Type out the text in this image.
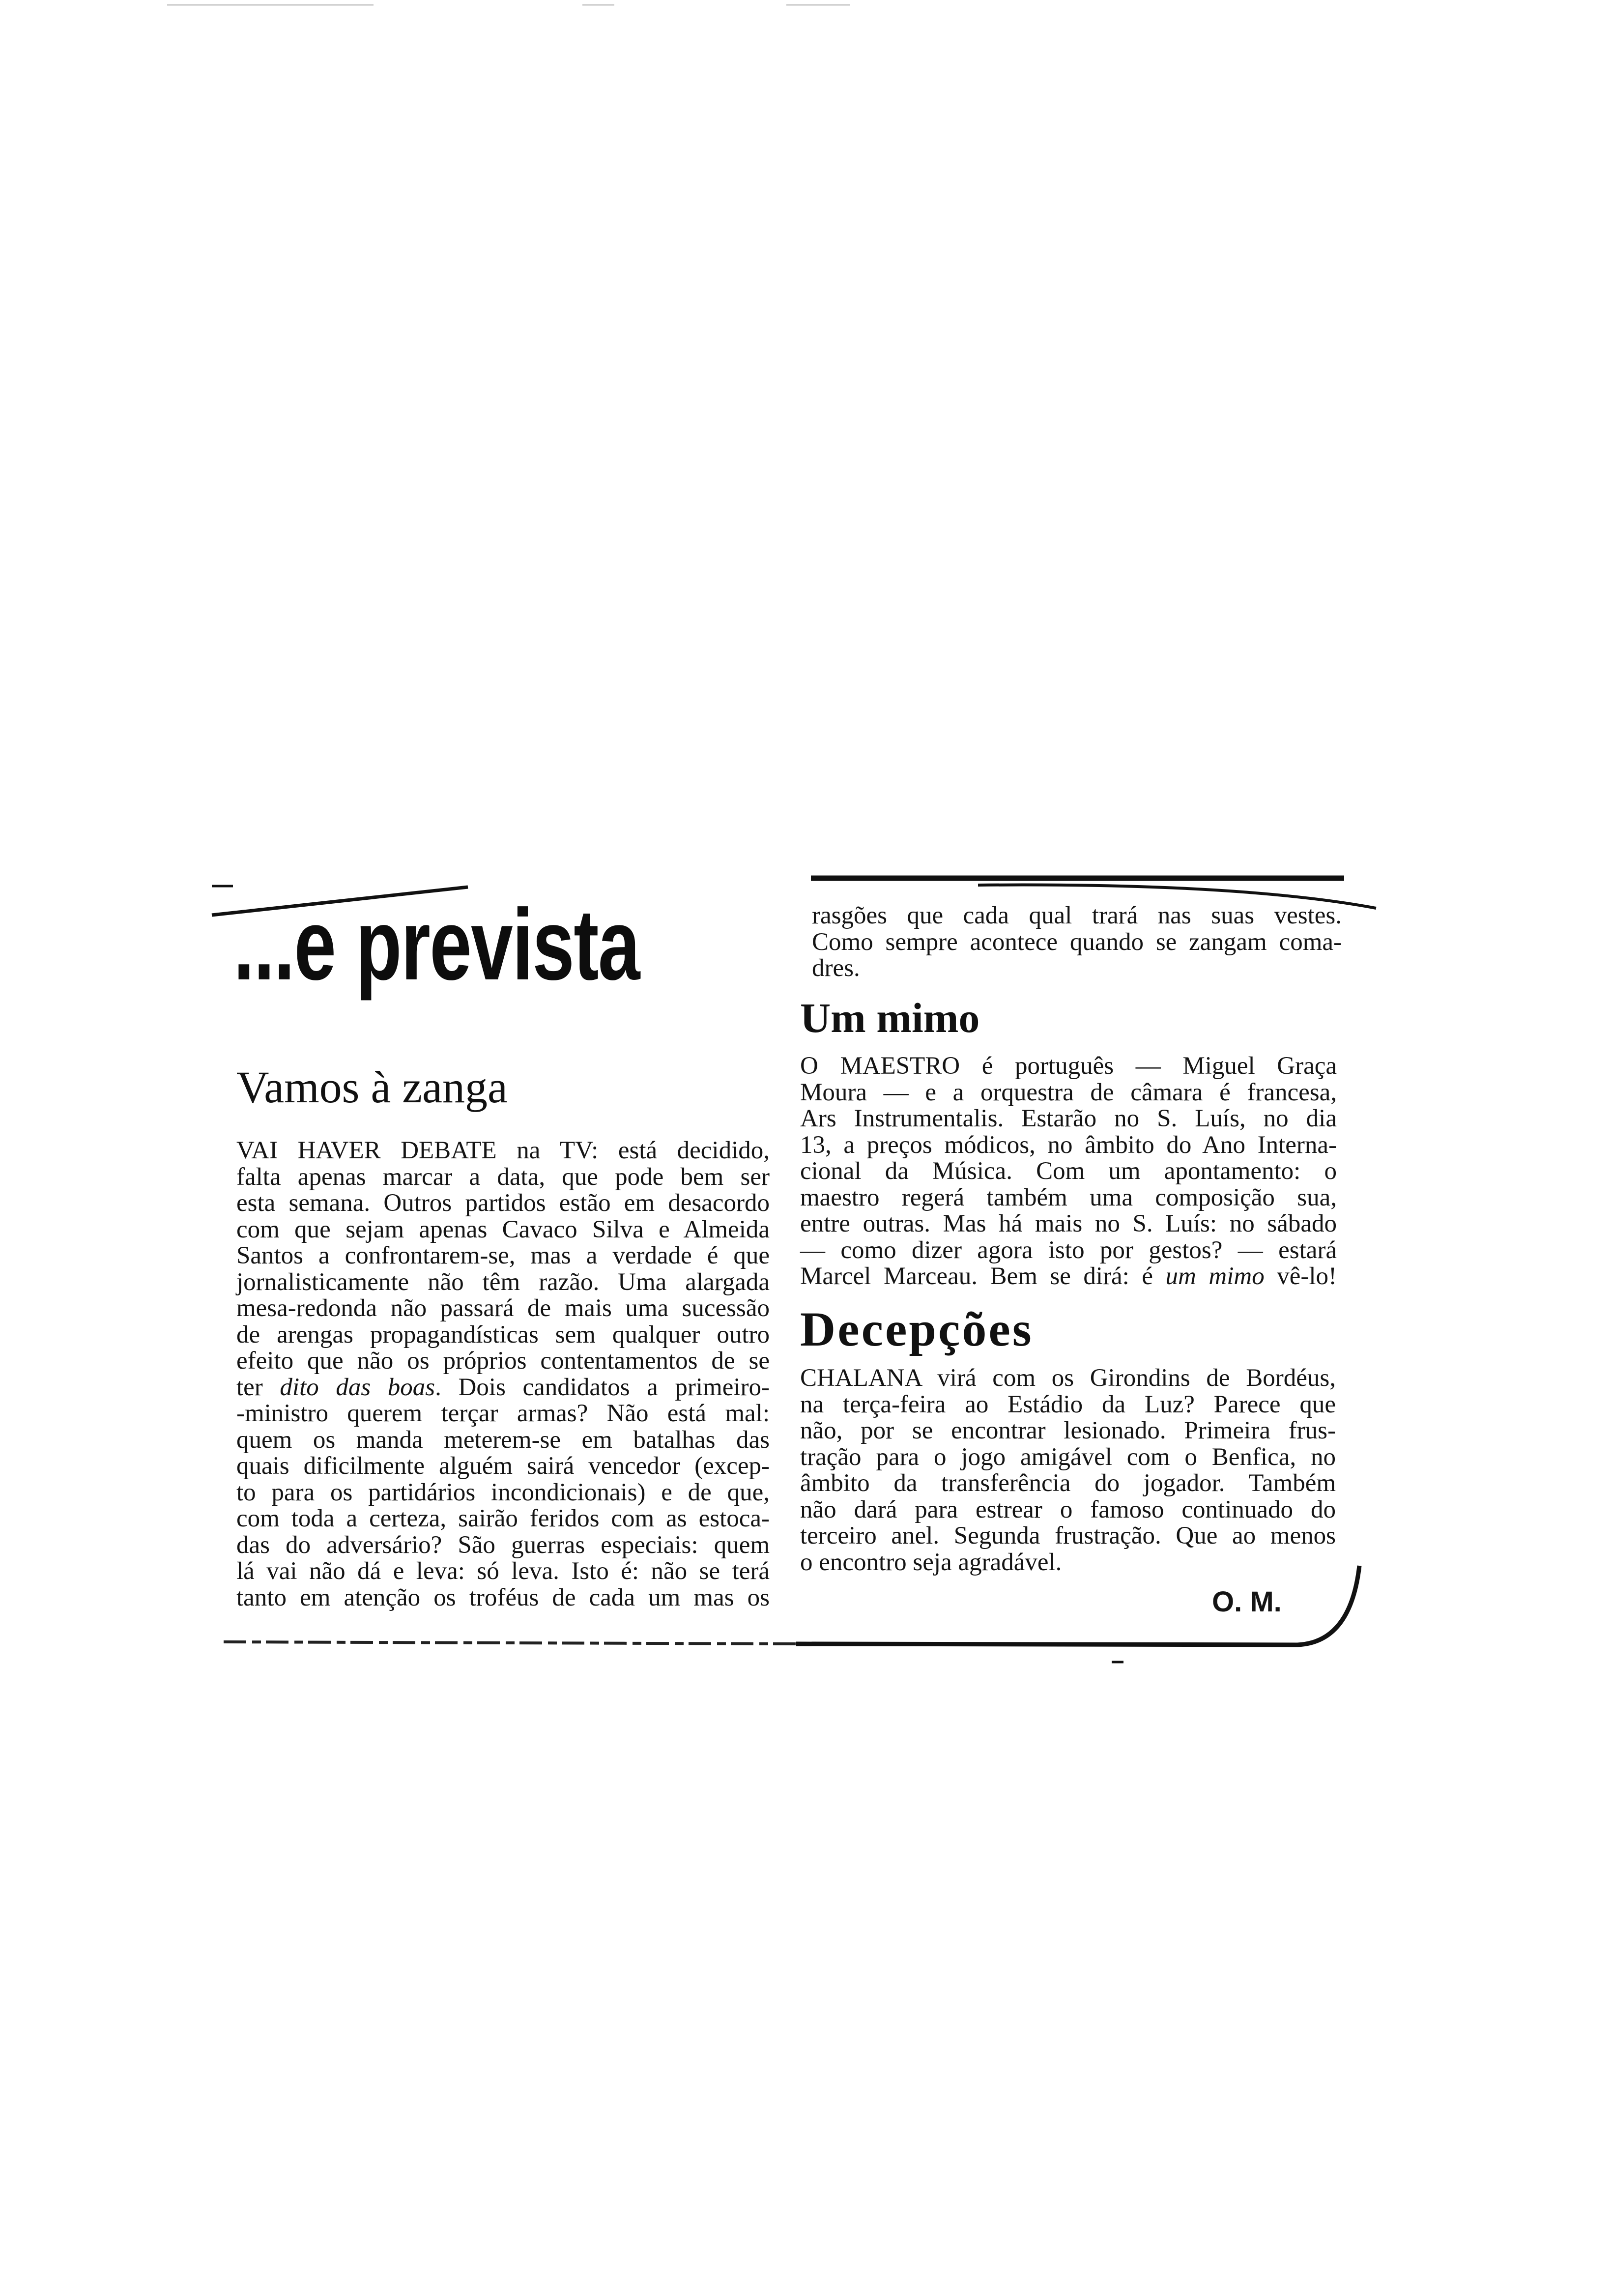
...e prevista
Vamos à zanga
VAI HAVER DEBATE na TV: está decidido,
falta apenas marcar a data, que pode bem ser
esta semana. Outros partidos estão em desacordo
com que sejam apenas Cavaco Silva e Almeida
Santos a confrontarem-se, mas a verdade é que
jornalisticamente não têm razão. Uma alargada
mesa-redonda não passará de mais uma sucessão
de arengas propagandísticas sem qualquer outro
efeito que não os próprios contentamentos de se
ter dito das boas. Dois candidatos a primeiro-
-ministro querem terçar armas? Não está mal:
quem os manda meterem-se em batalhas das
quais dificilmente alguém sairá vencedor (excep-
to para os partidários incondicionais) e de que,
com toda a certeza, sairão feridos com as estoca-
das do adversário? São guerras especiais: quem
lá vai não dá e leva: só leva. Isto é: não se terá
tanto em atenção os troféus de cada um mas os
rasgões que cada qual trará nas suas vestes.
Como sempre acontece quando se zangam coma-
dres.
Um mimo
O MAESTRO é português — Miguel Graça
Moura — e a orquestra de câmara é francesa,
Ars Instrumentalis. Estarão no S. Luís, no dia
13, a preços módicos, no âmbito do Ano Interna-
cional da Música. Com um apontamento: o
maestro regerá também uma composição sua,
entre outras. Mas há mais no S. Luís: no sábado
— como dizer agora isto por gestos? — estará
Marcel Marceau. Bem se dirá: é um mimo vê-lo!
Decepções
CHALANA virá com os Girondins de Bordéus,
na terça-feira ao Estádio da Luz? Parece que
não, por se encontrar lesionado. Primeira frus-
tração para o jogo amigável com o Benfica, no
âmbito da transferência do jogador. Também
não dará para estrear o famoso continuado do
terceiro anel. Segunda frustração. Que ao menos
o encontro seja agradável.
O. M.
